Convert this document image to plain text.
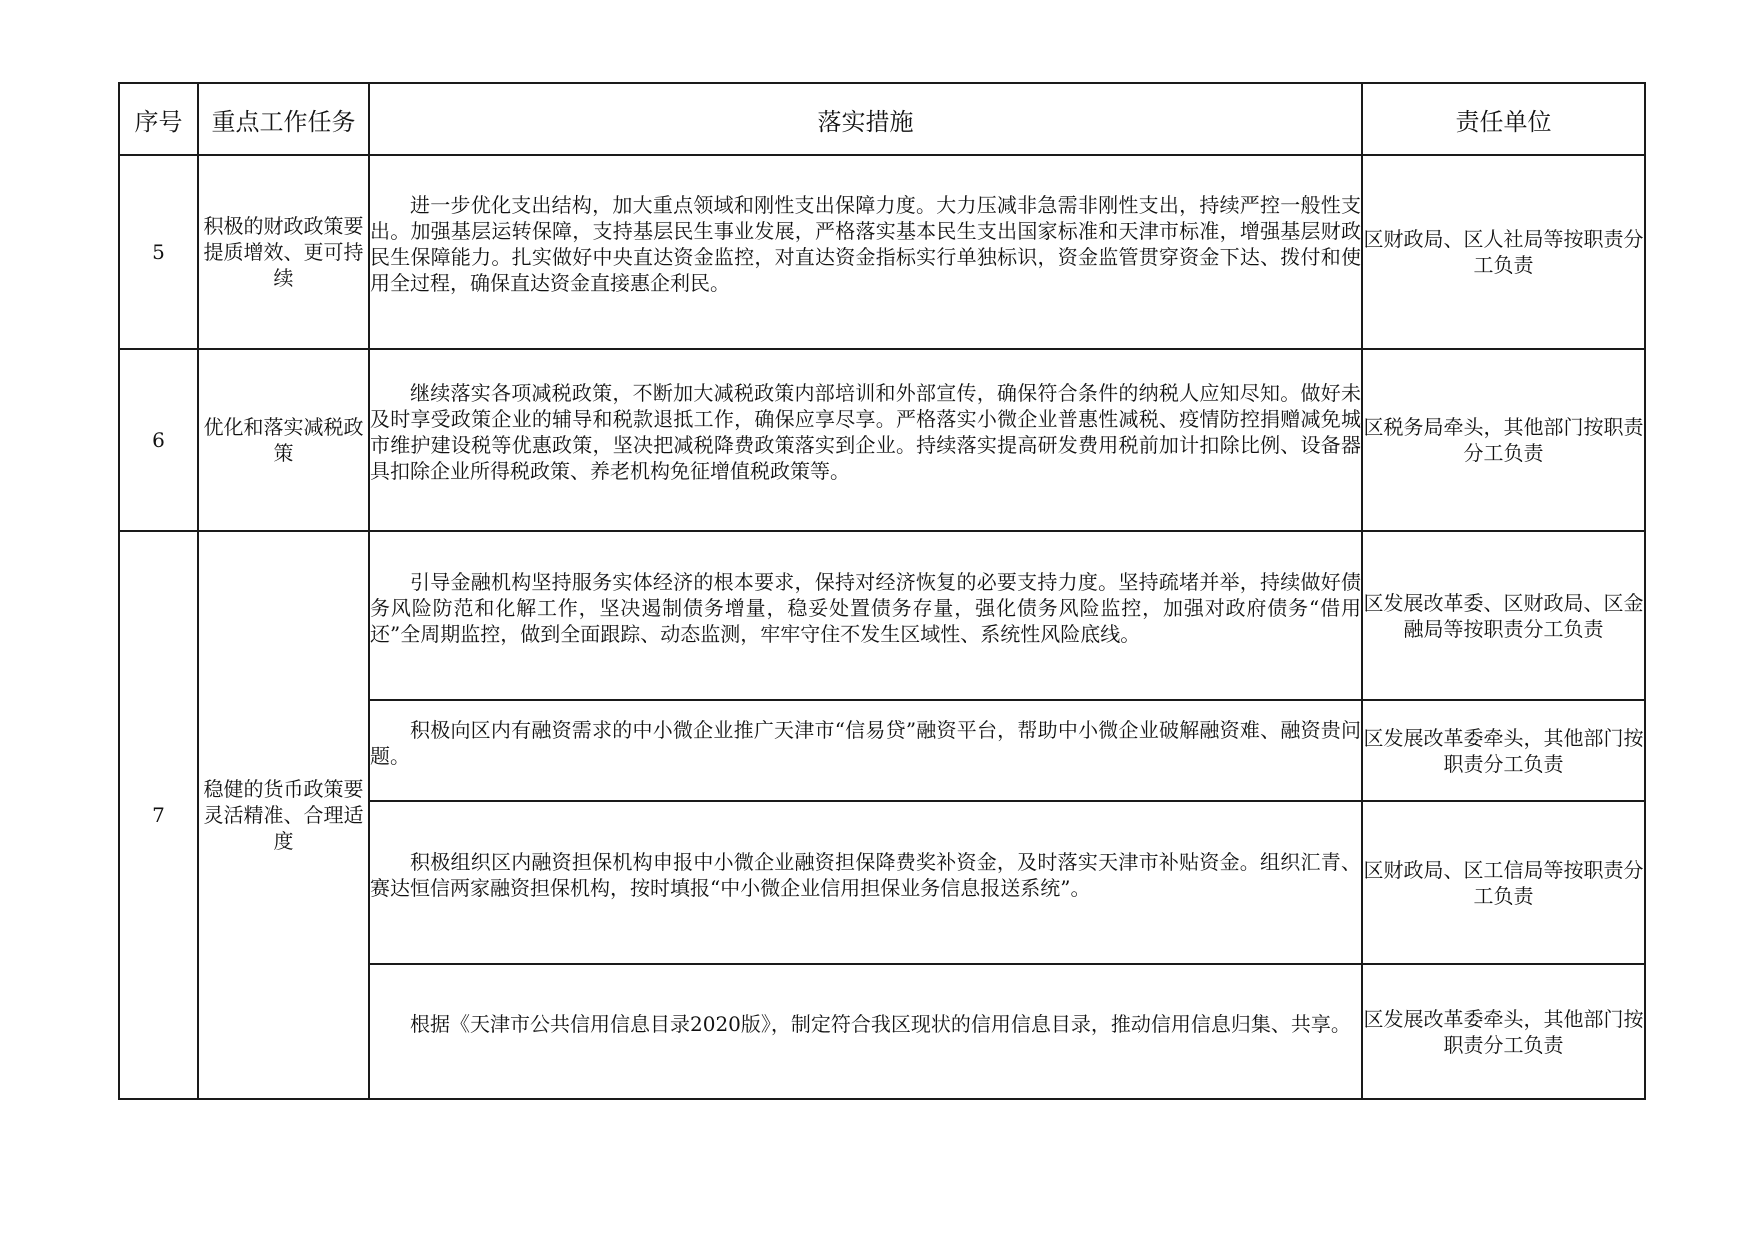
序号	重点工作任务	落实措施	责任单位
5	积极的财政政策要提质增效、更可持续	进一步优化支出结构，加大重点领域和刚性支出保障力度。大力压减非急需非刚性支出，持续严控一般性支出。加强基层运转保障，支持基层民生事业发展，严格落实基本民生支出国家标准和天津市标准，增强基层财政民生保障能力。扎实做好中央直达资金监控，对直达资金指标实行单独标识，资金监管贯穿资金下达、拨付和使用全过程，确保直达资金直接惠企利民。	区财政局、区人社局等按职责分工负责
6	优化和落实减税政策	继续落实各项减税政策，不断加大减税政策内部培训和外部宣传，确保符合条件的纳税人应知尽知。做好未及时享受政策企业的辅导和税款退抵工作，确保应享尽享。严格落实小微企业普惠性减税、疫情防控捐赠减免城市维护建设税等优惠政策，坚决把减税降费政策落实到企业。持续落实提高研发费用税前加计扣除比例、设备器具扣除企业所得税政策、养老机构免征增值税政策等。	区税务局牵头，其他部门按职责分工负责
7	稳健的货币政策要灵活精准、合理适度	引导金融机构坚持服务实体经济的根本要求，保持对经济恢复的必要支持力度。坚持疏堵并举，持续做好债务风险防范和化解工作，坚决遏制债务增量，稳妥处置债务存量，强化债务风险监控，加强对政府债务“借用还”全周期监控，做到全面跟踪、动态监测，牢牢守住不发生区域性、系统性风险底线。	区发展改革委、区财政局、区金融局等按职责分工负责

		积极向区内有融资需求的中小微企业推广天津市“信易贷”融资平台，帮助中小微企业破解融资难、融资贵问题。	区发展改革委牵头，其他部门按职责分工负责

		积极组织区内融资担保机构申报中小微企业融资担保降费奖补资金，及时落实天津市补贴资金。组织汇青、赛达恒信两家融资担保机构，按时填报“中小微企业信用担保业务信息报送系统”。	区财政局、区工信局等按职责分工负责

		根据《天津市公共信用信息目录2020版》，制定符合我区现状的信用信息目录，推动信用信息归集、共享。	区发展改革委牵头，其他部门按职责分工负责
